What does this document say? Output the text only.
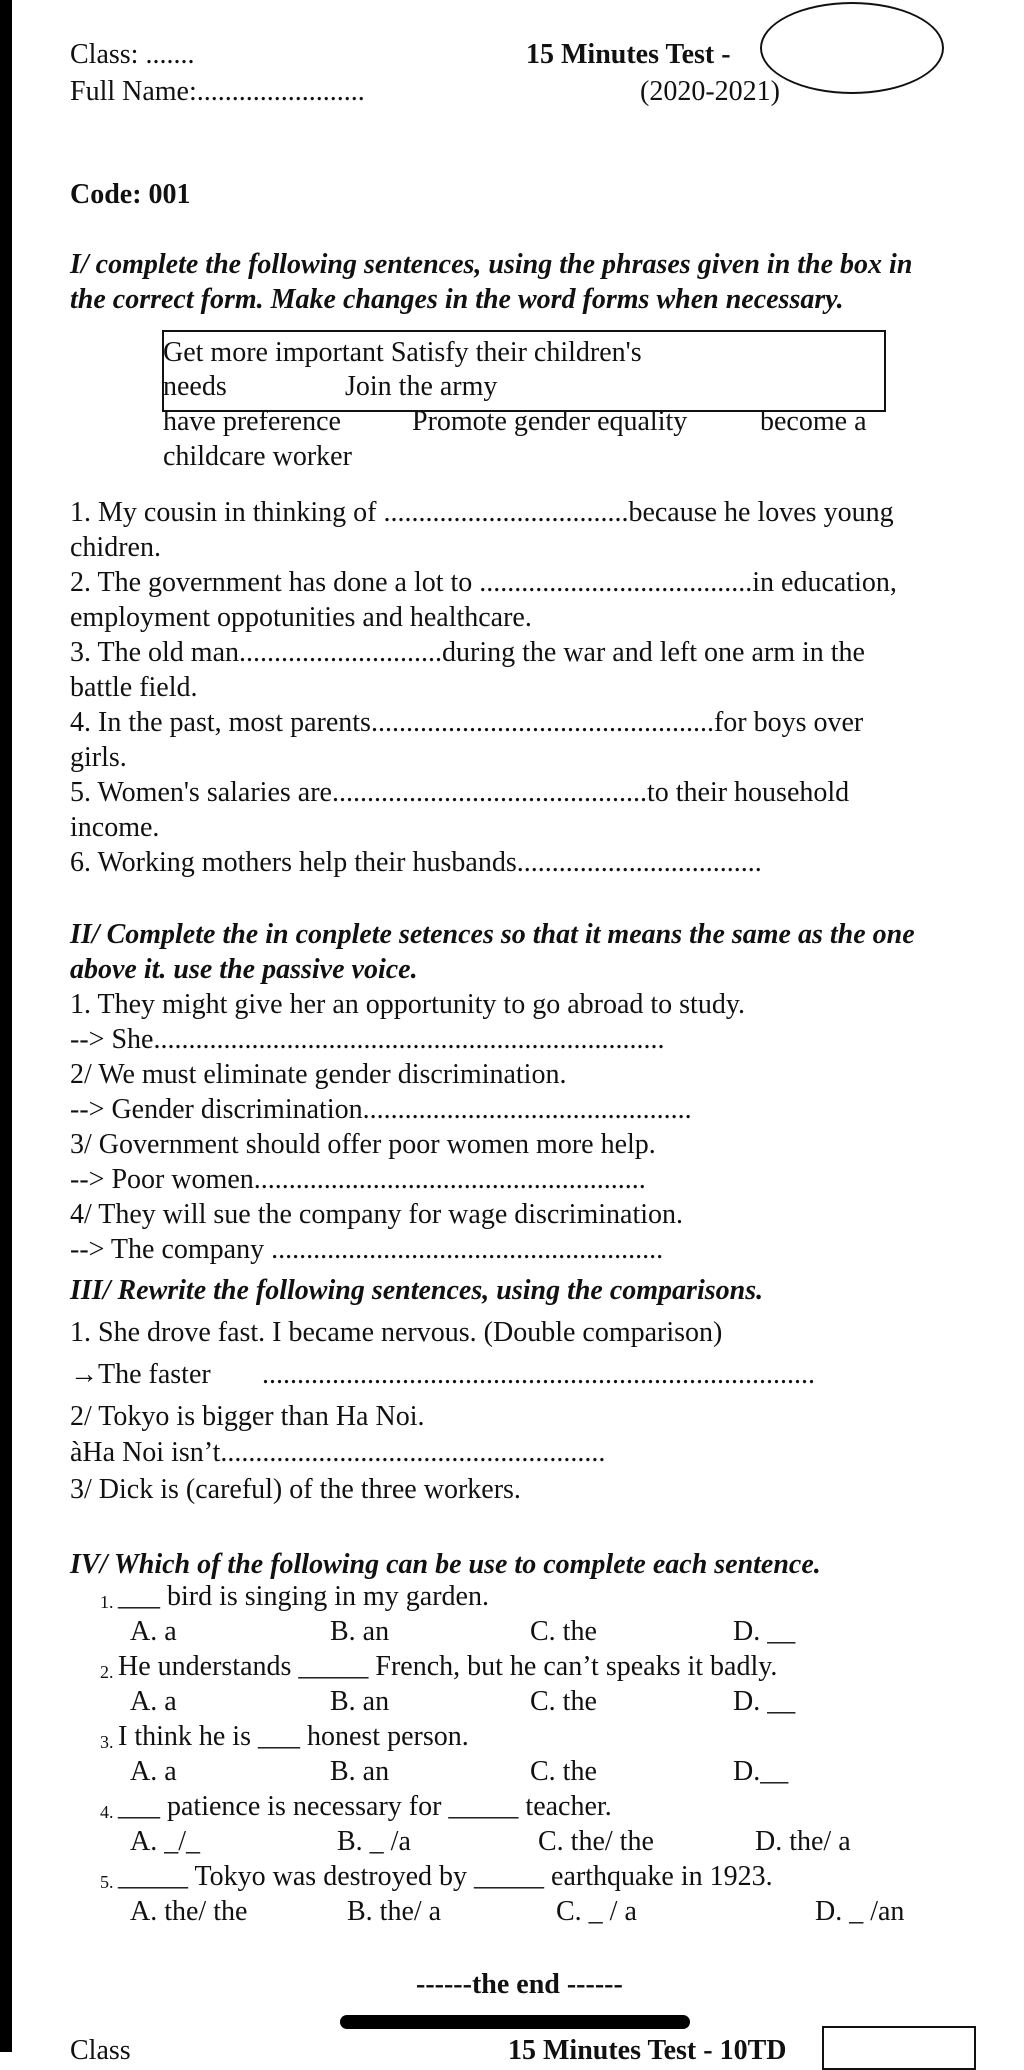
Class: .......
Full Name:........................
15 Minutes Test -
(2020-2021)
Code: 001
I/ complete the following sentences, using the phrases given in the box in
the correct form. Make changes in the word forms when necessary.
Get more important Satisfy their children's
needs	Join the army
have preference	Promote gender equality	become a
childcare worker
1. My cousin in thinking of ...................................because he loves young
chidren.
2. The government has done a lot to .......................................in education,
employment oppotunities and healthcare.
3. The old man.............................during the war and left one arm in the
battle field.
4. In the past, most parents.................................................for boys over
girls.
5. Women's salaries are.............................................to their household
income.
6. Working mothers help their husbands...................................
II/ Complete the in conplete setences so that it means the same as the one
above it. use the passive voice.
1. They might give her an opportunity to go abroad to study.
--> She.........................................................................
2/ We must eliminate gender discrimination.
--> Gender discrimination...............................................
3/ Government should offer poor women more help.
--> Poor women........................................................
4/ They will sue the company for wage discrimination.
--> The company ........................................................
III/ Rewrite the following sentences, using the comparisons.
1. She drove fast. I became nervous. (Double comparison)
→The faster ...............................................................................
2/ Tokyo is bigger than Ha Noi.
àHa Noi isn’t.......................................................
3/ Dick is (careful) of the three workers.
IV/ Which of the following can be use to complete each sentence.
1. ___ bird is singing in my garden.
A. a	B. an	C. the	D. __
2. He understands _____ French, but he can’t speaks it badly.
A. a	B. an	C. the	D. __
3. I think he is ___ honest person.
A. a	B. an	C. the	D.__
4. ___ patience is necessary for _____ teacher.
A. _/_	B. _ /a	C. the/ the	D. the/ a
5. _____ Tokyo was destroyed by _____ earthquake in 1923.
A. the/ the	B. the/ a	C. _ / a	D. _ /an
------the end ------
Class	15 Minutes Test - 10TD
